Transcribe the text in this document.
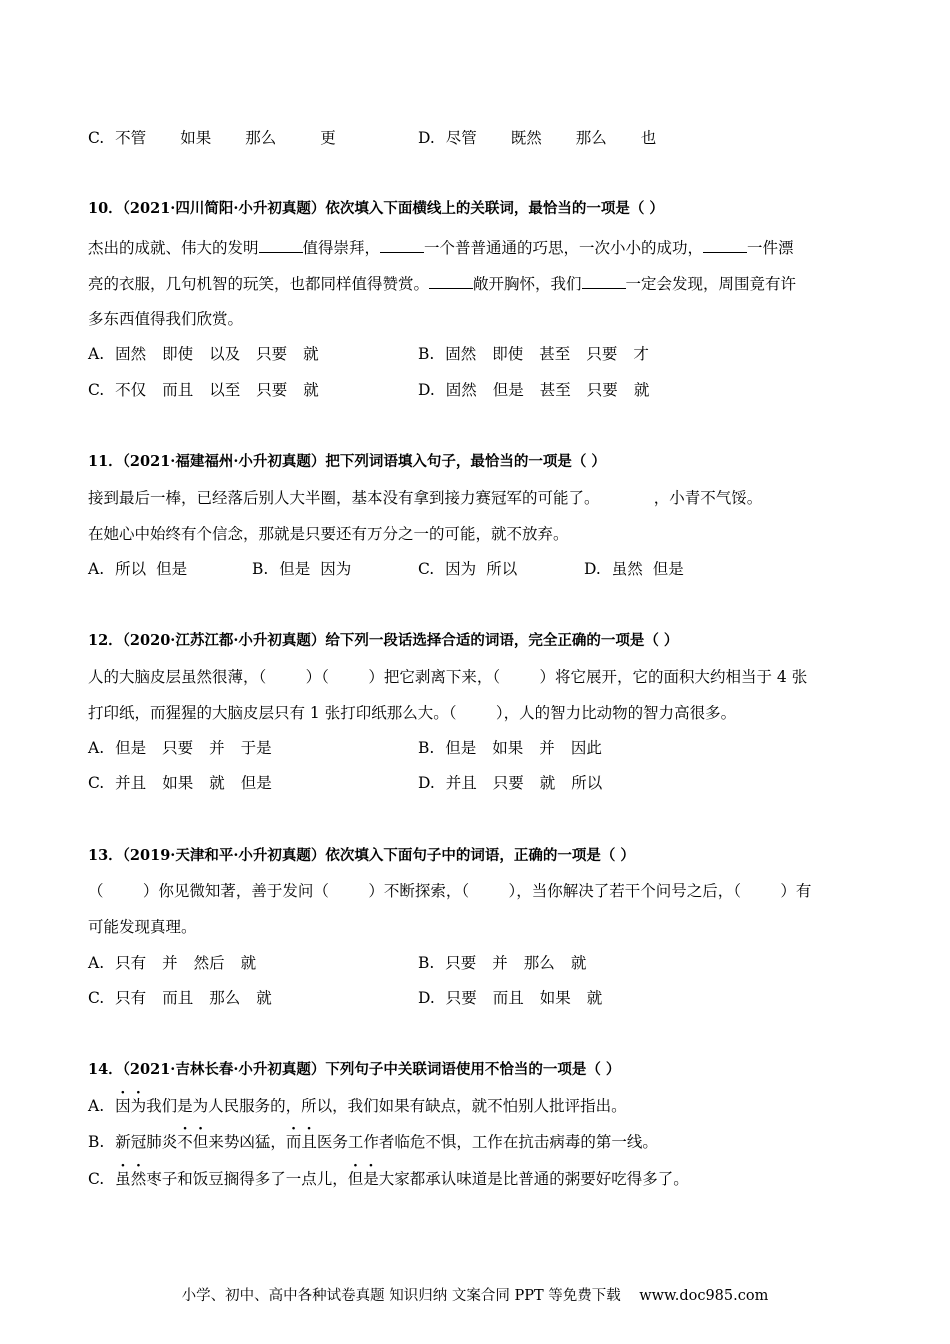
C. 不管 如果 那么	更	D. 尽管 既然 那么 也
10．（2021·四川简阳·小升初真题）依次填入下面横线上的关联词，最恰当的一项是（ ）
杰出的成就、伟大的发明	值得崇拜，	一个普普通通的巧思，一次小小的成功，	一件漂
亮的衣服，几句机智的玩笑，也都同样值得赞赏。	敞开胸怀，我们	一定会发现，周围竟有许
多东西值得我们欣赏。
A. 固然 即使 以及 只要 就	B. 固然 即使 甚至 只要 才
C. 不仅 而且 以至 只要 就	D. 固然 但是 甚至 只要 就
11．（2021·福建福州·小升初真题）把下列词语填入句子，最恰当的一项是（ ）
接到最后一棒，已经落后别人大半圈，基本没有拿到接力赛冠军的可能了。           ，小青不气馁。
在她心中始终有个信念，那就是只要还有万分之一的可能，就不放弃。
A. 所以 但是	B. 但是 因为	C. 因为 所以	D. 虽然 但是
12．（2020·江苏江都·小升初真题）给下列一段话选择合适的词语，完全正确的一项是（ ）
人的大脑皮层虽然很薄，（        ）（        ）把它剥离下来，（        ）将它展开，它的面积大约相当于 4 张
打印纸，而猩猩的大脑皮层只有 1 张打印纸那么大。（        ），人的智力比动物的智力高很多。
A. 但是 只要 并 于是	B. 但是 如果 并 因此
C. 并且 如果 就 但是	D. 并且 只要 就 所以
13．（2019·天津和平·小升初真题）依次填入下面句子中的词语，正确的一项是（ ）
（        ）你见微知著，善于发问（        ）不断探索，（        ），当你解决了若干个问号之后，（        ）有
可能发现真理。
A. 只有 并 然后 就	B. 只要 并 那么 就
C. 只有 而且 那么 就	D. 只要 而且 如果 就
14．（2021·吉林长春·小升初真题）下列句子中关联词语使用不恰当的一项是（ ）
A. 因为我们是为人民服务的，所以，我们如果有缺点，就不怕别人批评指出。
B. 新冠肺炎不但来势凶猛，而且医务工作者临危不惧，工作在抗击病毒的第一线。
C. 虽然枣子和饭豆搁得多了一点儿，但是大家都承认味道是比普通的粥要好吃得多了。
小学、初中、高中各种试卷真题 知识归纳 文案合同 PPT 等免费下载    www.doc985.com
